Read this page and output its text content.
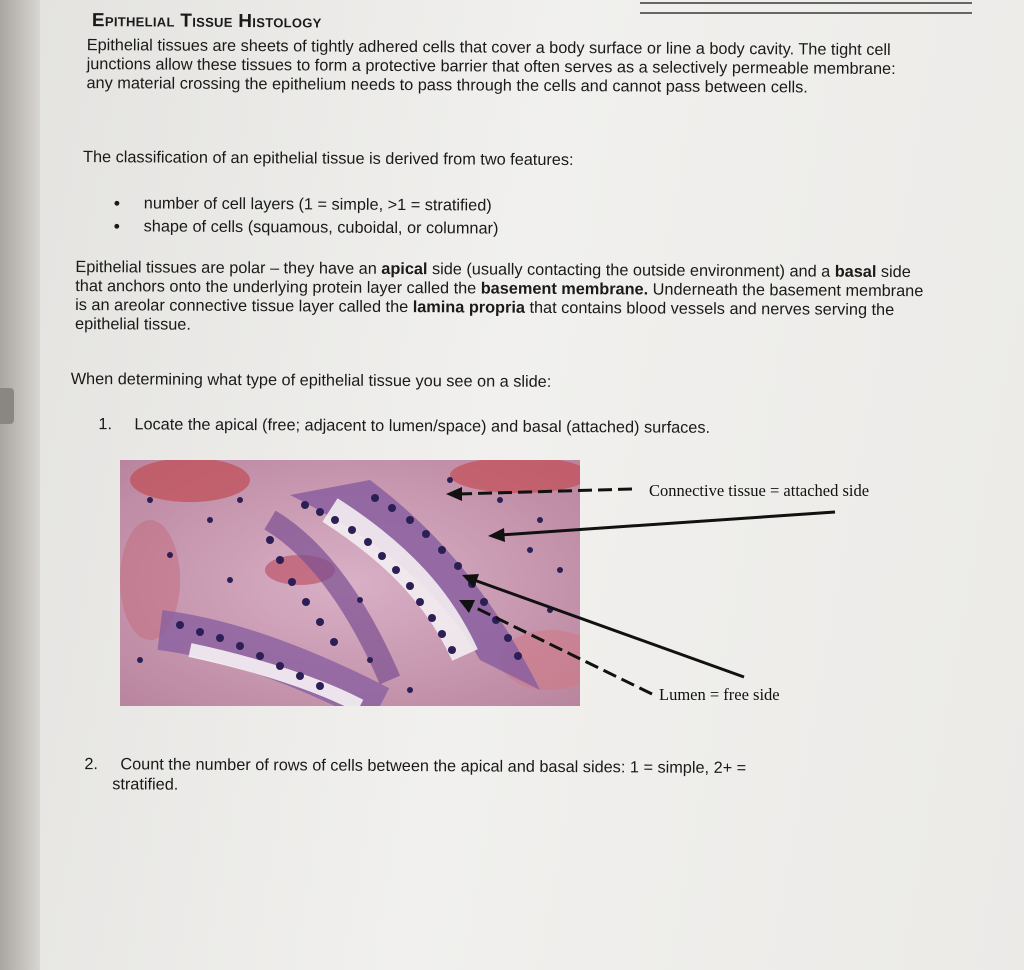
Epithelial Tissue Histology

Epithelial tissues are sheets of tightly adhered cells that cover a body surface or line a body cavity. The tight cell junctions allow these tissues to form a protective barrier that often serves as a selectively permeable membrane: any material crossing the epithelium needs to pass through the cells and cannot pass between cells.

The classification of an epithelial tissue is derived from two features:

• number of cell layers (1 = simple, >1 = stratified)
• shape of cells (squamous, cuboidal, or columnar)

Epithelial tissues are polar – they have an apical side (usually contacting the outside environment) and a basal side that anchors onto the underlying protein layer called the basement membrane. Underneath the basement membrane is an areolar connective tissue layer called the lamina propria that contains blood vessels and nerves serving the epithelial tissue.

When determining what type of epithelial tissue you see on a slide:

1. Locate the apical (free; adjacent to lumen/space) and basal (attached) surfaces.
2. Count the number of rows of cells between the apical and basal sides: 1 = simple, 2+ =
stratified.
Connective tissue = attached side
Lumen = free side
